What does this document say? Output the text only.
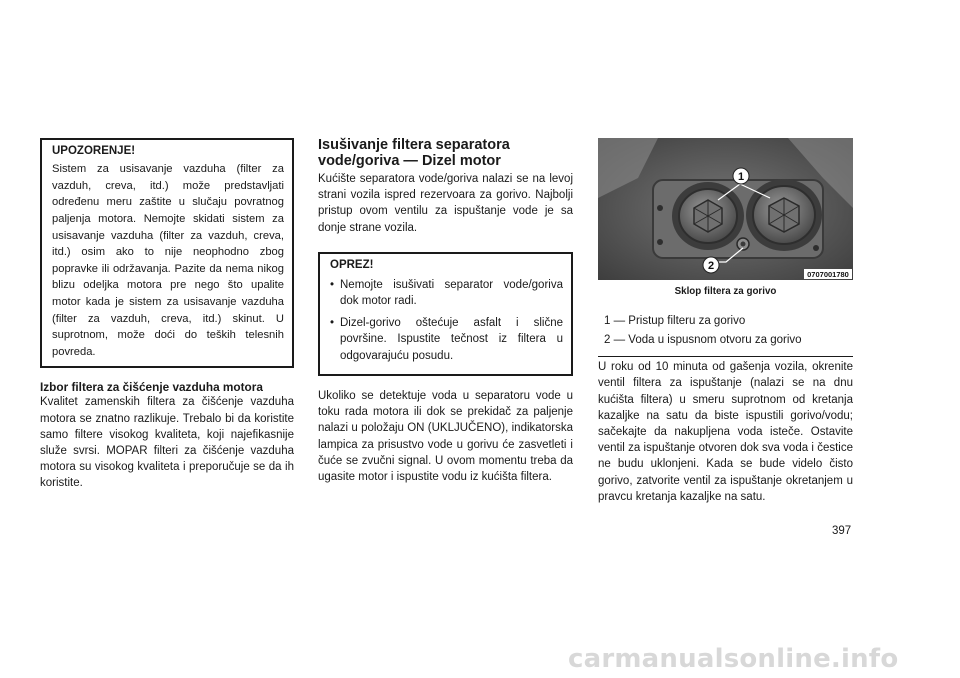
UPOZORENJE!

Sistem za usisavanje vazduha (filter za vazduh, creva, itd.) može predstavljati određenu meru zaštite u slučaju povratnog paljenja motora. Nemojte skidati sistem za usisavanje vazduha (filter za vazduh, creva, itd.) osim ako to nije neophodno zbog popravke ili održavanja. Pazite da nema nikog blizu odeljka motora pre nego što upalite motor kada je sistem za usisavanje vazduha (filter za vazduh, creva, itd.) skinut. U suprotnom, može doći do teških telesnih povreda.

Izbor filtera za čišćenje vazduha motora

Kvalitet zamenskih filtera za čišćenje vazduha motora se znatno razlikuje. Trebalo bi da koristite samo filtere visokog kvaliteta, koji najefikasnije služe svrsi. MOPAR filteri za čišćenje vazduha motora su visokog kvaliteta i preporučuje se da ih koristite.

Isušivanje filtera separatora
vode/goriva — Dizel motor

Kućište separatora vode/goriva nalazi se na levoj strani vozila ispred rezervoara za gorivo. Najbolji pristup ovom ventilu za ispuštanje vode je sa donje strane vozila.

OPREZ!
• Nemojte isušivati separator vode/goriva dok motor radi.
• Dizel-gorivo oštećuje asfalt i slične površine. Ispustite tečnost iz filtera u odgovarajuću posudu.

Ukoliko se detektuje voda u separatoru vode u toku rada motora ili dok se prekidač za paljenje nalazi u položaju ON (UKLJUČENO), indikatorska lampica za prisustvo vode u gorivu će zasvetleti i čuće se zvučni signal. U ovom momentu treba da ugasite motor i ispustite vodu iz kućišta filtera.

1
2
0707001780
Sklop filtera za gorivo
1 — Pristup filteru za gorivo
2 — Voda u ispusnom otvoru za gorivo

U roku od 10 minuta od gašenja vozila, okrenite ventil filtera za ispuštanje (nalazi se na dnu kućišta filtera) u smeru suprotnom od kretanja kazaljke na satu da biste ispustili gorivo/vodu; sačekajte da nakupljena voda isteče. Ostavite ventil za ispuštanje otvoren dok sva voda i čestice ne budu uklonjeni. Kada se bude videlo čisto gorivo, zatvorite ventil za ispuštanje okretanjem u pravcu kretanja kazaljke na satu.

397
carmanualsonline.info
